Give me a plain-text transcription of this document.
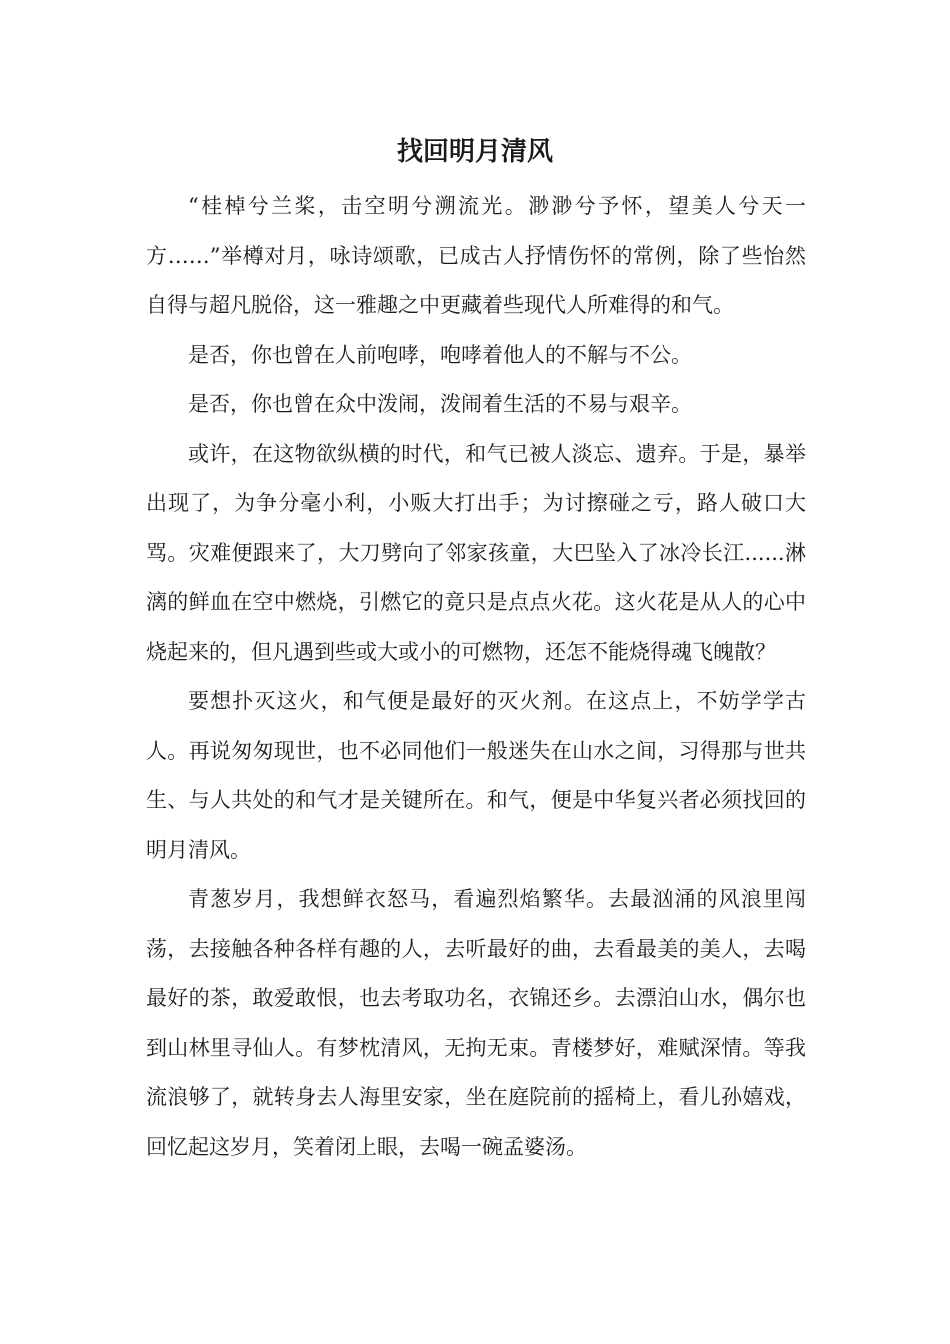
找回明月清风

“桂棹兮兰桨，击空明兮溯流光。渺渺兮予怀，望美人兮天一方……”举樽对月，咏诗颂歌，已成古人抒情伤怀的常例，除了些怡然自得与超凡脱俗，这一雅趣之中更藏着些现代人所难得的和气。

是否，你也曾在人前咆哮，咆哮着他人的不解与不公。

是否，你也曾在众中泼闹，泼闹着生活的不易与艰辛。

或许，在这物欲纵横的时代，和气已被人淡忘、遗弃。于是，暴举出现了，为争分毫小利，小贩大打出手；为讨擦碰之亏，路人破口大骂。灾难便跟来了，大刀劈向了邻家孩童，大巴坠入了冰冷长江......淋漓的鲜血在空中燃烧，引燃它的竟只是点点火花。这火花是从人的心中烧起来的，但凡遇到些或大或小的可燃物，还怎不能烧得魂飞魄散？

要想扑灭这火，和气便是最好的灭火剂。在这点上，不妨学学古人。再说匆匆现世，也不必同他们一般迷失在山水之间，习得那与世共生、与人共处的和气才是关键所在。和气，便是中华复兴者必须找回的明月清风。

青葱岁月，我想鲜衣怒马，看遍烈焰繁华。去最汹涌的风浪里闯荡，去接触各种各样有趣的人，去听最好的曲，去看最美的美人，去喝最好的茶，敢爱敢恨，也去考取功名，衣锦还乡。去漂泊山水，偶尔也到山林里寻仙人。有梦枕清风，无拘无束。青楼梦好，难赋深情。等我流浪够了，就转身去人海里安家，坐在庭院前的摇椅上，看儿孙嬉戏，回忆起这岁月，笑着闭上眼，去喝一碗孟婆汤。
